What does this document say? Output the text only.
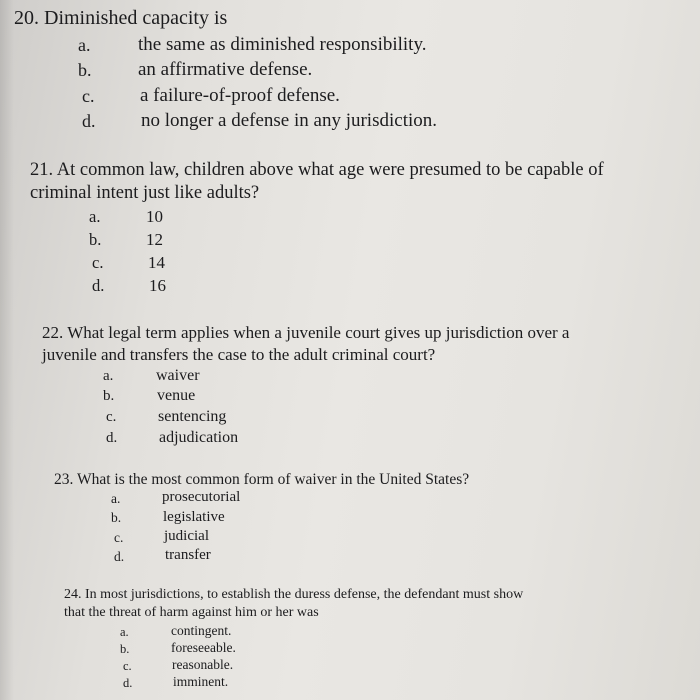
20. Diminished capacity is
a.	the same as diminished responsibility.
b. an affirmative defense.
c. a failure-of-proof defense.
d. no longer a defense in any jurisdiction.
21. At common law, children above what age were presumed to be capable of
criminal intent just like adults?
a.	10
b.	12
c.	14
d.	16
22. What legal term applies when a juvenile court gives up jurisdiction over a
juvenile and transfers the case to the adult criminal court?
a.	waiver
b.	venue
c.	sentencing
d.	adjudication
23. What is the most common form of waiver in the United States?
a.	prosecutorial
b.	legislative
c.	judicial
d.	transfer
24. In most jurisdictions, to establish the duress defense, the defendant must show
that the threat of harm against him or her was
a.	contingent.
b.	foreseeable.
c.	reasonable.
d.	imminent.
